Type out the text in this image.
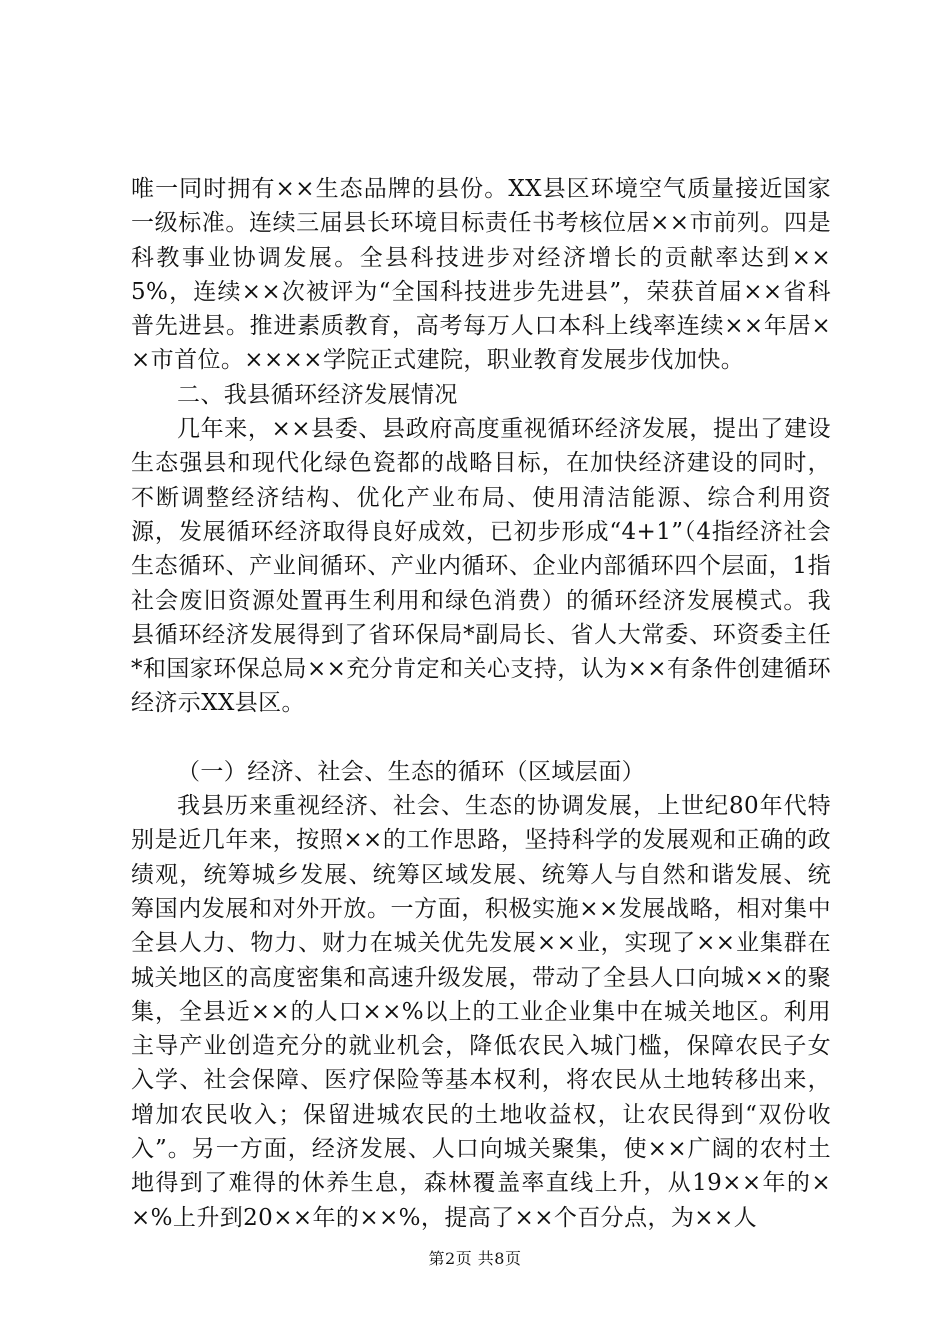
唯一同时拥有××生态品牌的县份。XX县区环境空气质量接近国家一级标准。连续三届县长环境目标责任书考核位居××市前列。四是科教事业协调发展。全县科技进步对经济增长的贡献率达到××5%，连续××次被评为“全国科技进步先进县”，荣获首届××省科普先进县。推进素质教育，高考每万人口本科上线率连续××年居××市首位。××××学院正式建院，职业教育发展步伐加快。

二、我县循环经济发展情况

几年来，××县委、县政府高度重视循环经济发展，提出了建设生态强县和现代化绿色瓷都的战略目标，在加快经济建设的同时，不断调整经济结构、优化产业布局、使用清洁能源、综合利用资源，发展循环经济取得良好成效，已初步形成“4+1”（4指经济社会生态循环、产业间循环、产业内循环、企业内部循环四个层面，1指社会废旧资源处置再生利用和绿色消费）的循环经济发展模式。我县循环经济发展得到了省环保局*副局长、省人大常委、环资委主任*和国家环保总局××充分肯定和关心支持，认为××有条件创建循环经济示XX县区。

（一）经济、社会、生态的循环（区域层面）

我县历来重视经济、社会、生态的协调发展，上世纪80年代特别是近几年来，按照××的工作思路，坚持科学的发展观和正确的政绩观，统筹城乡发展、统筹区域发展、统筹人与自然和谐发展、统筹国内发展和对外开放。一方面，积极实施××发展战略，相对集中全县人力、物力、财力在城关优先发展××业，实现了××业集群在城关地区的高度密集和高速升级发展，带动了全县人口向城××的聚集，全县近××的人口××%以上的工业企业集中在城关地区。利用主导产业创造充分的就业机会，降低农民入城门槛，保障农民子女入学、社会保障、医疗保险等基本权利，将农民从土地转移出来，增加农民收入；保留进城农民的土地收益权，让农民得到“双份收入”。另一方面，经济发展、人口向城关聚集，使××广阔的农村土地得到了难得的休养生息，森林覆盖率直线上升，从19××年的××%上升到20××年的××%，提高了××个百分点，为××人

第2页 共8页
